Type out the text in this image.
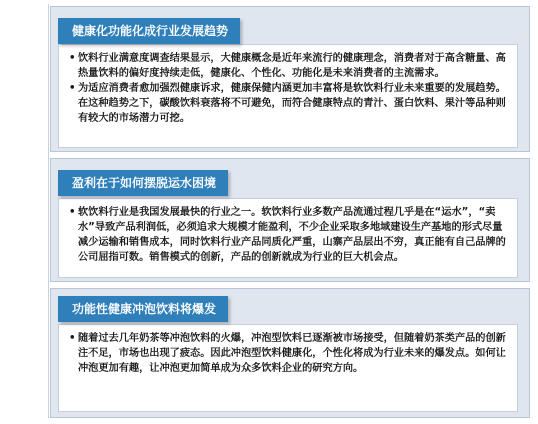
健康化功能化成行业发展趋势
• 饮料行业满意度调查结果显示，大健康概念是近年来流行的健康理念，消费者对于高含糖量、高热量饮料的偏好度持续走低，健康化、个性化、功能化是未来消费者的主流需求。
• 为适应消费者愈加强烈健康诉求，健康保健内涵更加丰富将是软饮料行业未来重要的发展趋势。在这种趋势之下，碳酸饮料衰落将不可避免，而符合健康特点的青汁、蛋白饮料、果汁等品种则有较大的市场潜力可挖。
盈利在于如何摆脱运水困境
• 软饮料行业是我国发展最快的行业之一。软饮料行业多数产品流通过程几乎是在“运水”，“卖水”导致产品利润低，必须追求大规模才能盈利，不少企业采取多地域建设生产基地的形式尽量减少运输和销售成本，同时饮料行业产品同质化严重，山寨产品层出不穷，真正能有自己品牌的公司屈指可数。销售模式的创新，产品的创新就成为行业的巨大机会点。
功能性健康冲泡饮料将爆发
• 随着过去几年奶茶等冲泡饮料的火爆，冲泡型饮料已逐渐被市场接受，但随着奶茶类产品的创新注不足，市场也出现了疲态。因此冲泡型饮料健康化，个性化将成为行业未来的爆发点。如何让冲泡更加有趣，让冲泡更加简单成为众多饮料企业的研究方向。
